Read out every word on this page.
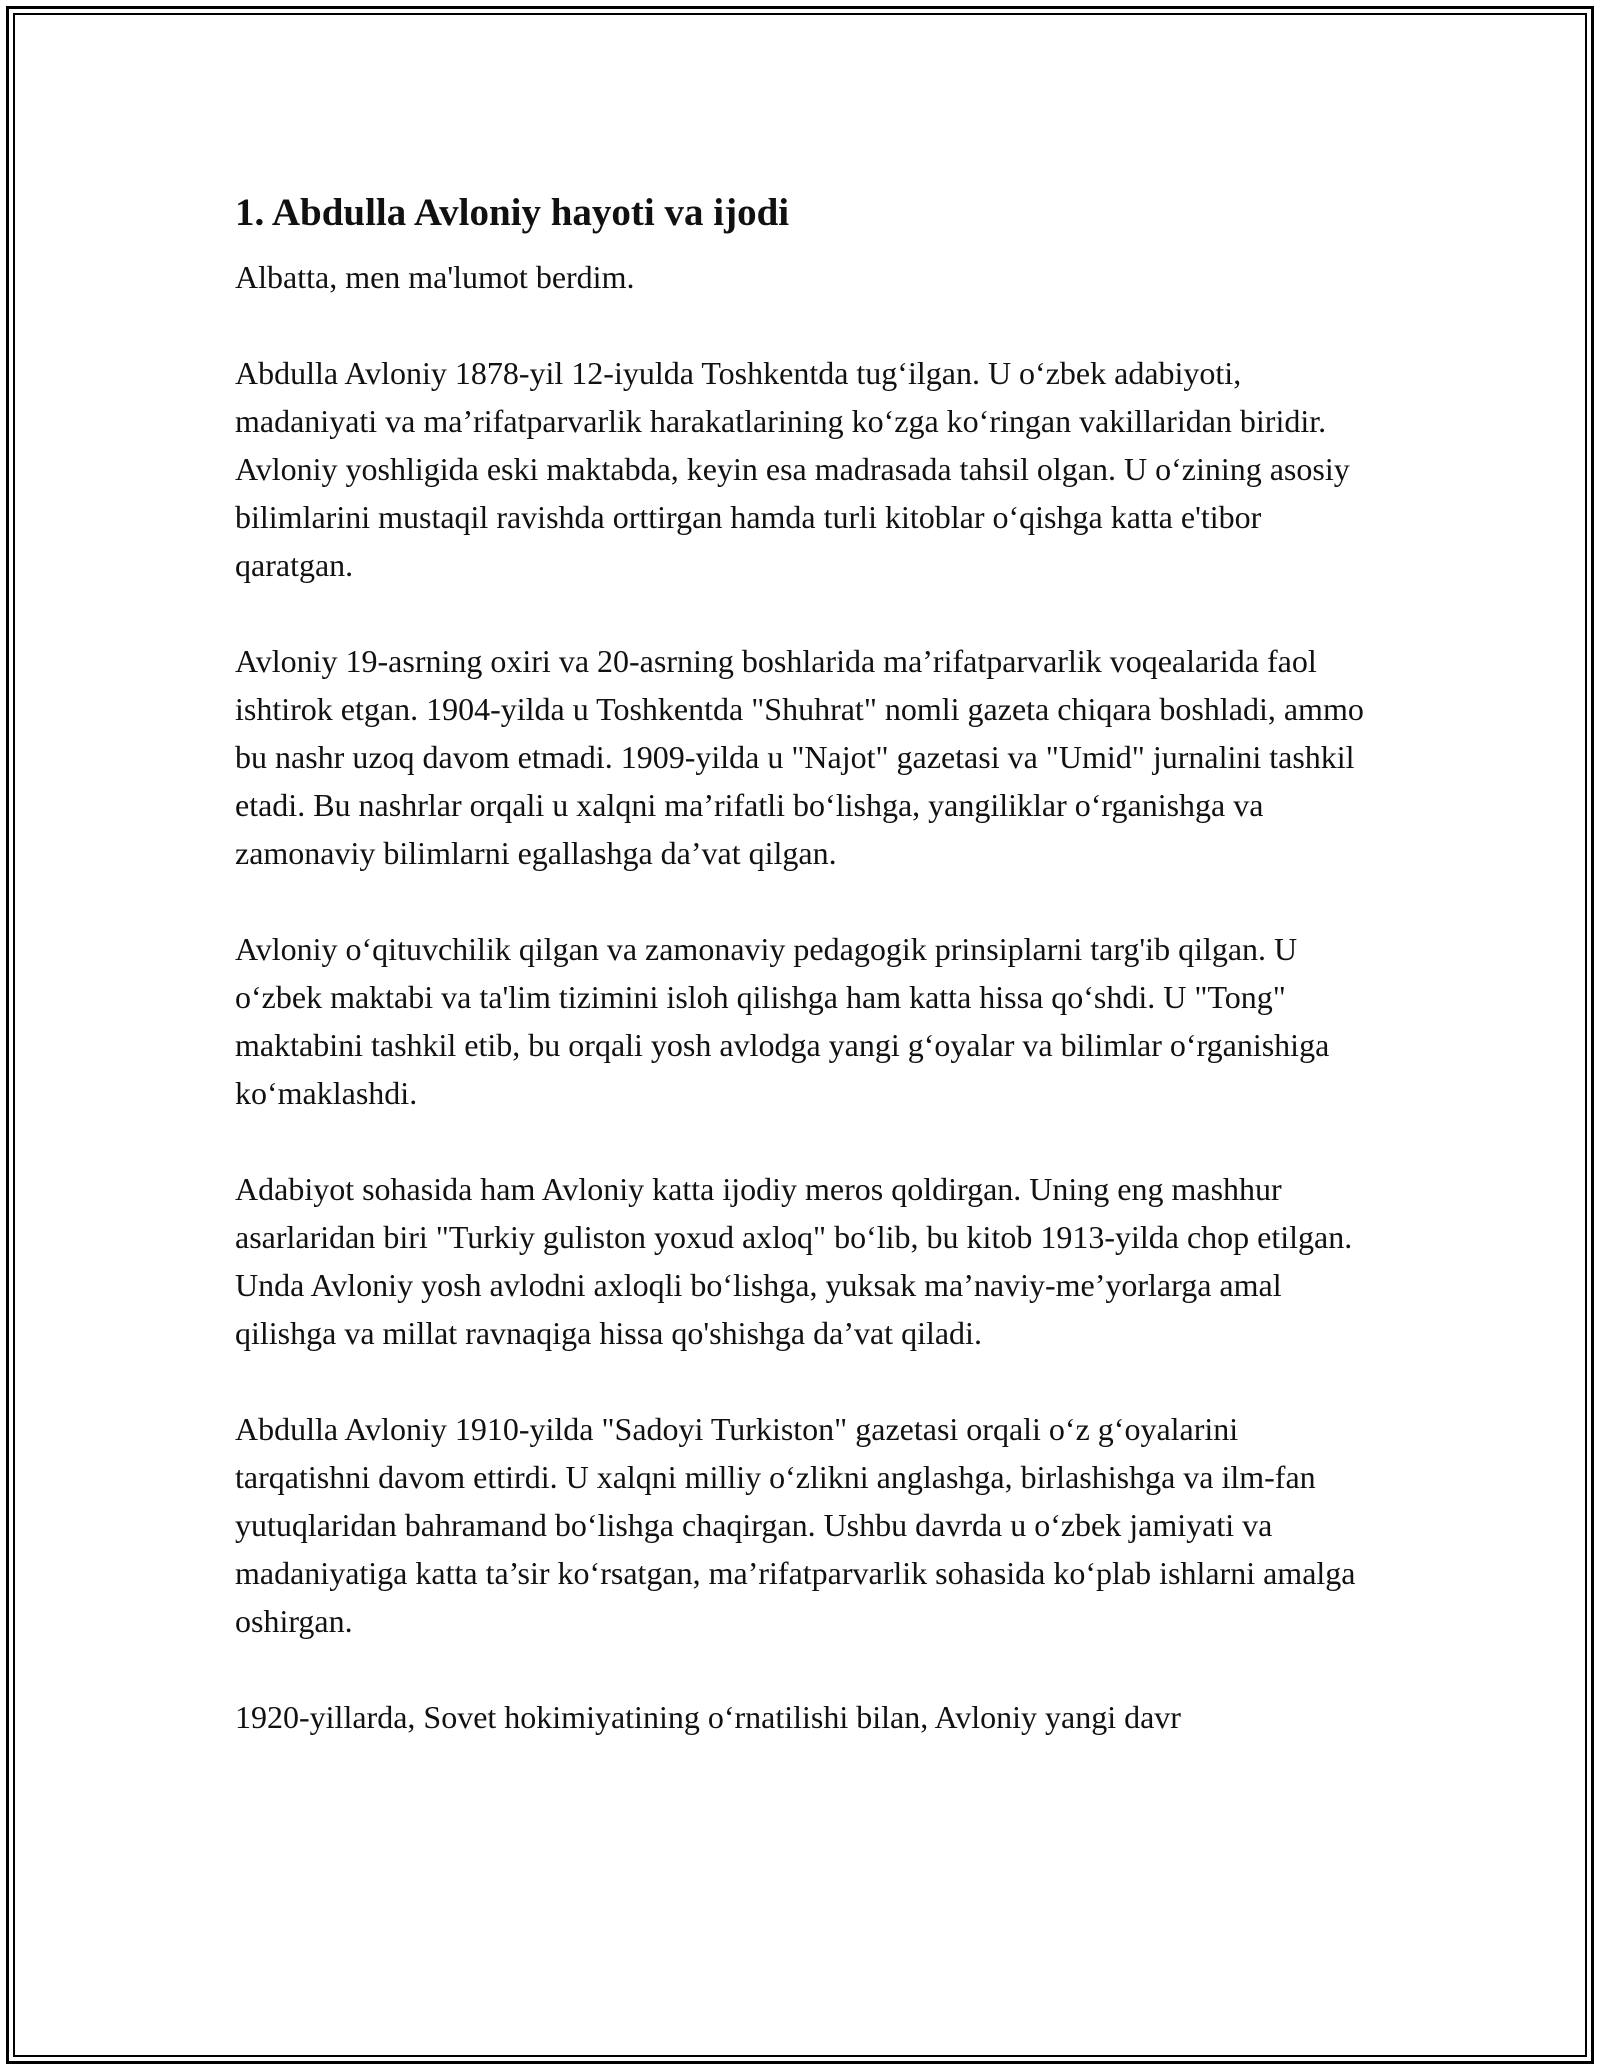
1. Abdulla Avloniy hayoti va ijodi

Albatta, men ma'lumot berdim.

Abdulla Avloniy 1878-yil 12-iyulda Toshkentda tug‘ilgan. U o‘zbek adabiyoti, madaniyati va ma’rifatparvarlik harakatlarining ko‘zga ko‘ringan vakillaridan biridir. Avloniy yoshligida eski maktabda, keyin esa madrasada tahsil olgan. U o‘zining asosiy bilimlarini mustaqil ravishda orttirgan hamda turli kitoblar o‘qishga katta e'tibor qaratgan.

Avloniy 19-asrning oxiri va 20-asrning boshlarida ma’rifatparvarlik voqealarida faol ishtirok etgan. 1904-yilda u Toshkentda "Shuhrat" nomli gazeta chiqara boshladi, ammo bu nashr uzoq davom etmadi. 1909-yilda u "Najot" gazetasi va "Umid" jurnalini tashkil etadi. Bu nashrlar orqali u xalqni ma’rifatli bo‘lishga, yangiliklar o‘rganishga va zamonaviy bilimlarni egallashga da’vat qilgan.

Avloniy o‘qituvchilik qilgan va zamonaviy pedagogik prinsiplarni targ'ib qilgan. U o‘zbek maktabi va ta'lim tizimini isloh qilishga ham katta hissa qo‘shdi. U "Tong" maktabini tashkil etib, bu orqali yosh avlodga yangi g‘oyalar va bilimlar o‘rganishiga ko‘maklashdi.

Adabiyot sohasida ham Avloniy katta ijodiy meros qoldirgan. Uning eng mashhur asarlaridan biri "Turkiy guliston yoxud axloq" bo‘lib, bu kitob 1913-yilda chop etilgan. Unda Avloniy yosh avlodni axloqli bo‘lishga, yuksak ma’naviy-me’yorlarga amal qilishga va millat ravnaqiga hissa qo'shishga da’vat qiladi.

Abdulla Avloniy 1910-yilda "Sadoyi Turkiston" gazetasi orqali o‘z g‘oyalarini tarqatishni davom ettirdi. U xalqni milliy o‘zlikni anglashga, birlashishga va ilm-fan yutuqlaridan bahramand bo‘lishga chaqirgan. Ushbu davrda u o‘zbek jamiyati va madaniyatiga katta ta’sir ko‘rsatgan, ma’rifatparvarlik sohasida ko‘plab ishlarni amalga oshirgan.

1920-yillarda, Sovet hokimiyatining o‘rnatilishi bilan, Avloniy yangi davr
